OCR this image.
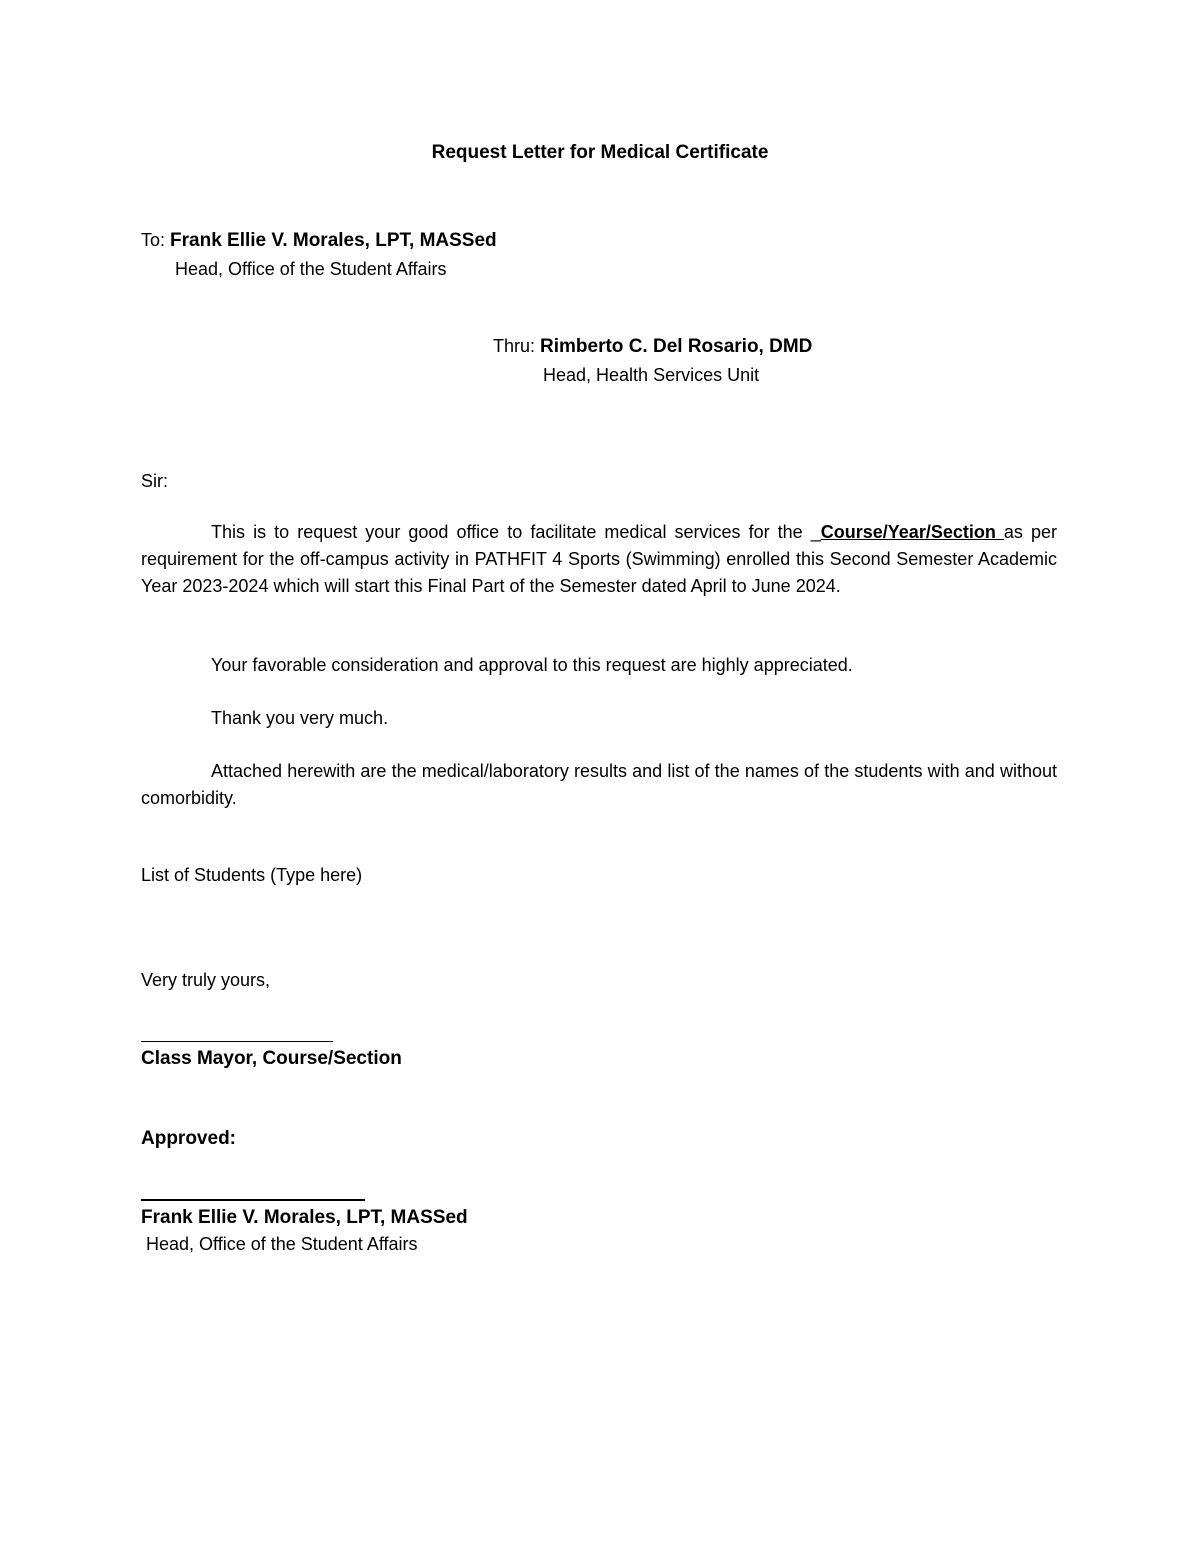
Request Letter for Medical Certificate
To: Frank Ellie V. Morales, LPT, MASSed
Head, Office of the Student Affairs
Thru: Rimberto C. Del Rosario, DMD
Head, Health Services Unit
Sir:
This is to request your good office to facilitate medical services for the _Course/Year/Section as per requirement for the off-campus activity in PATHFIT 4 Sports (Swimming) enrolled this Second Semester Academic Year 2023-2024 which will start this Final Part of the Semester dated April to June 2024.
Your favorable consideration and approval to this request are highly appreciated.
Thank you very much.
Attached herewith are the medical/laboratory results and list of the names of the students with and without comorbidity.
List of Students (Type here)
Very truly yours,
Class Mayor, Course/Section
Approved:
Frank Ellie V. Morales, LPT, MASSed
Head, Office of the Student Affairs
